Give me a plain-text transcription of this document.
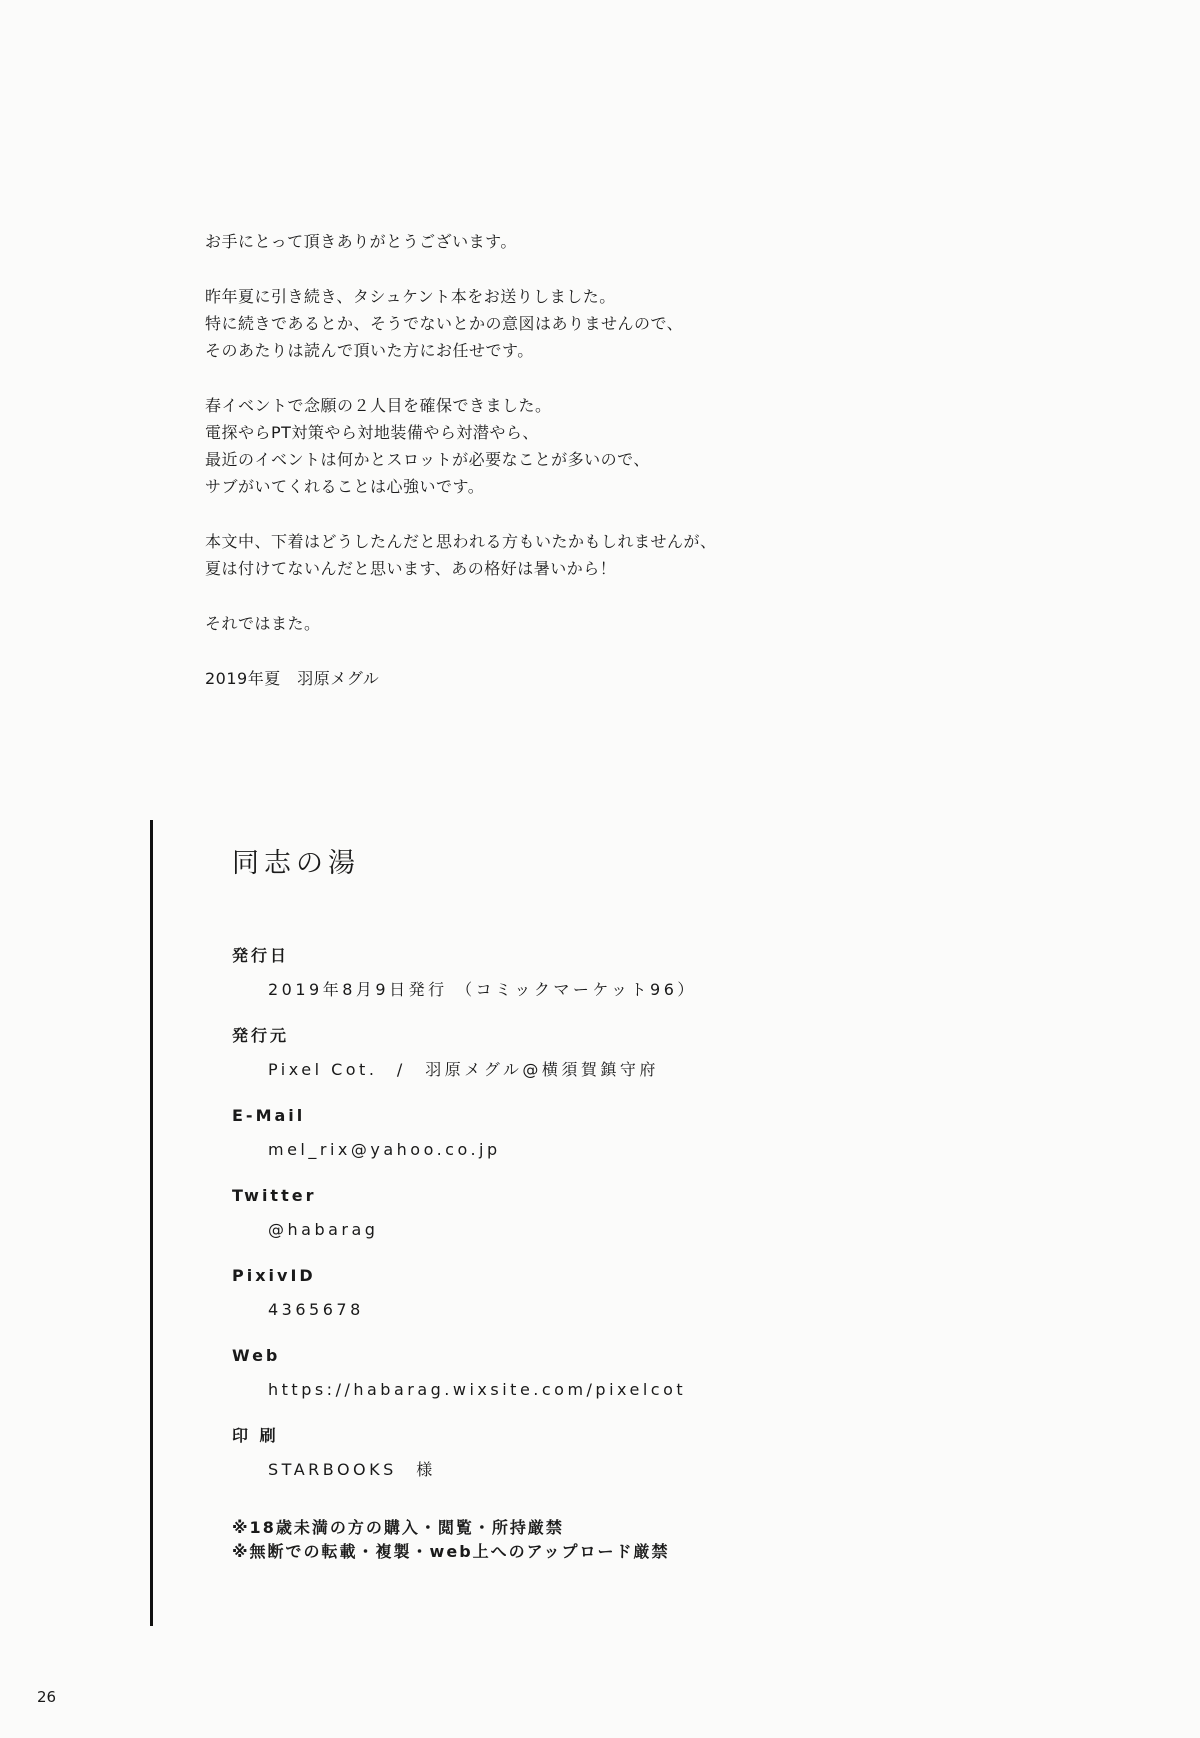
お手にとって頂きありがとうございます。

昨年夏に引き続き、タシュケント本をお送りしました。
特に続きであるとか、そうでないとかの意図はありませんので、
そのあたりは読んで頂いた方にお任せです。

春イベントで念願の２人目を確保できました。
電探やらPT対策やら対地装備やら対潜やら、
最近のイベントは何かとスロットが必要なことが多いので、
サブがいてくれることは心強いです。

本文中、下着はどうしたんだと思われる方もいたかもしれませんが、
夏は付けてないんだと思います、あの格好は暑いから！

それではまた。

2019年夏　羽原メグル

同志の湯
発行日
2019年8月9日発行 （コミックマーケット96）
発行元
Pixel Cot.　/　羽原メグル@横須賀鎮守府
E-Mail
mel_rix@yahoo.co.jp
Twitter
@habarag
PixivID
4365678
Web
https://habarag.wixsite.com/pixelcot
印 刷
STARBOOKS　様
※18歳未満の方の購入・閲覧・所持厳禁
※無断での転載・複製・web上へのアップロード厳禁
26
